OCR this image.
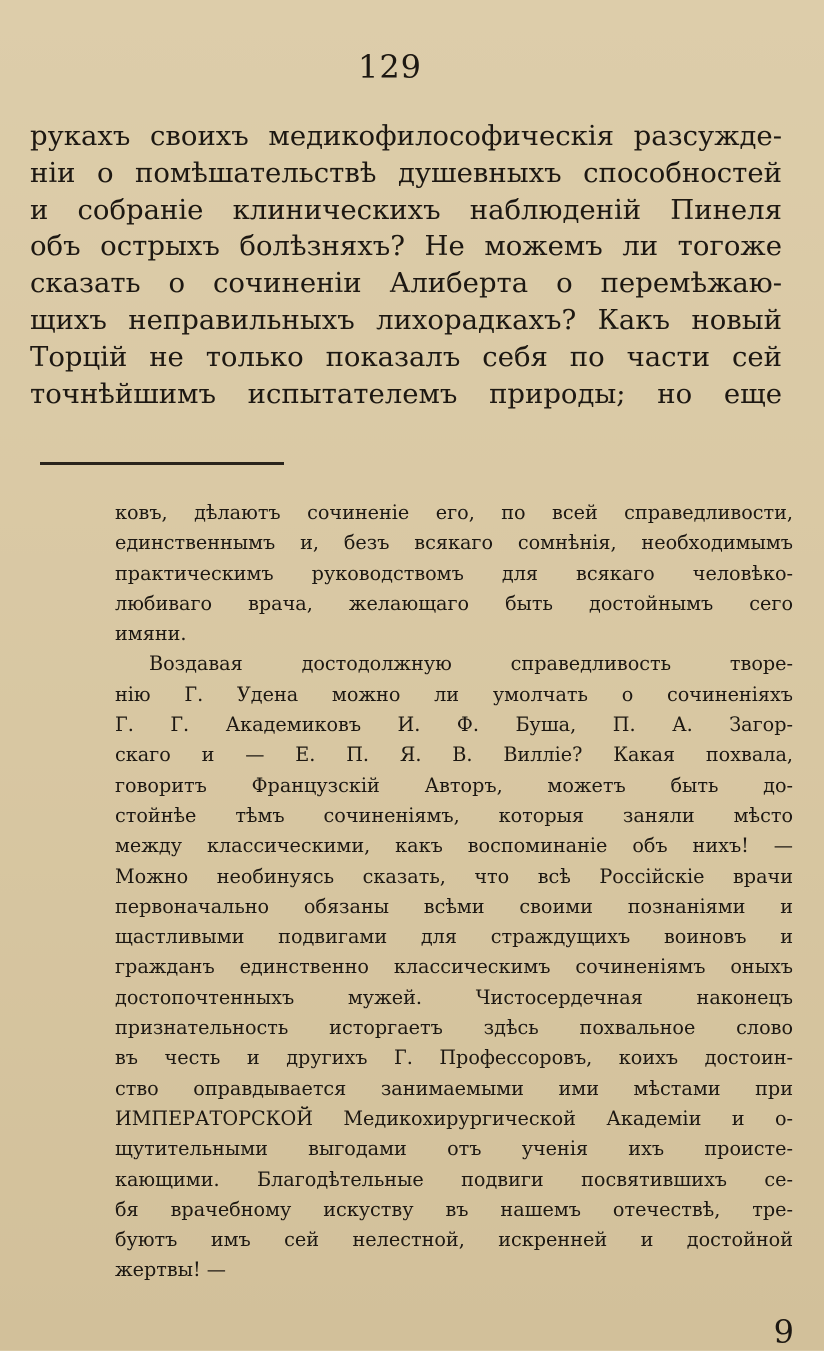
129
рукахъ своихъ медикофилософическія разсужде-
нiи о помѣшательствѣ душевныхъ способностей
и собранiе клиническихъ наблюденiй Пинеля
объ острыхъ болѣзняхъ? Не можемъ ли тогоже
сказать о сочиненiи Алиберта о перемѣжаю-
щихъ неправильныхъ лихорадкахъ? Какъ новый
Торцiй не только показалъ себя по части сей
точнѣйшимъ испытателемъ природы; но еще
ковъ, дѣлаютъ сочиненiе его, по всей справедливости,
единственнымъ и, безъ всякаго сомнѣнiя, необходимымъ
практическимъ руководствомъ для всякаго человѣко-
любиваго врача, желающаго быть достойнымъ сего
имяни.
Воздавая достодолжную справедливость творе-
нiю Г. Удена можно ли умолчать о сочиненiяхъ
Г. Г. Академиковъ И. Ф. Буша, П. А. Загор-
скаго и — Е. П. Я. В. Виллiе? Какая похвала,
говоритъ Французскiй Авторъ, можетъ быть до-
стойнѣе тѣмъ сочиненiямъ, которыя заняли мѣсто
между классическими, какъ воспоминанiе объ нихъ! —
Можно необинуясь сказать, что всѣ Россiйскiе врачи
первоначально обязаны всѣми своими познанiями и
щастливыми подвигами для страждущихъ воиновъ и
гражданъ единственно классическимъ сочиненiямъ оныхъ
достопочтенныхъ мужей. Чистосердечная наконецъ
признательность исторгаетъ здѣсь похвальное слово
въ честь и другихъ Г. Профессоровъ, коихъ достоин-
ство оправдывается занимаемыми ими мѣстами при
ИМПЕРАТОРСКОЙ Медикохирургической Академiи и о-
щутительными выгодами отъ ученiя ихъ происте-
кающими. Благодѣтельные подвиги посвятившихъ се-
бя врачебному искуству въ нашемъ отечествѣ, тре-
буютъ имъ сей нелестной, искренней и достойной
жертвы! —
9
